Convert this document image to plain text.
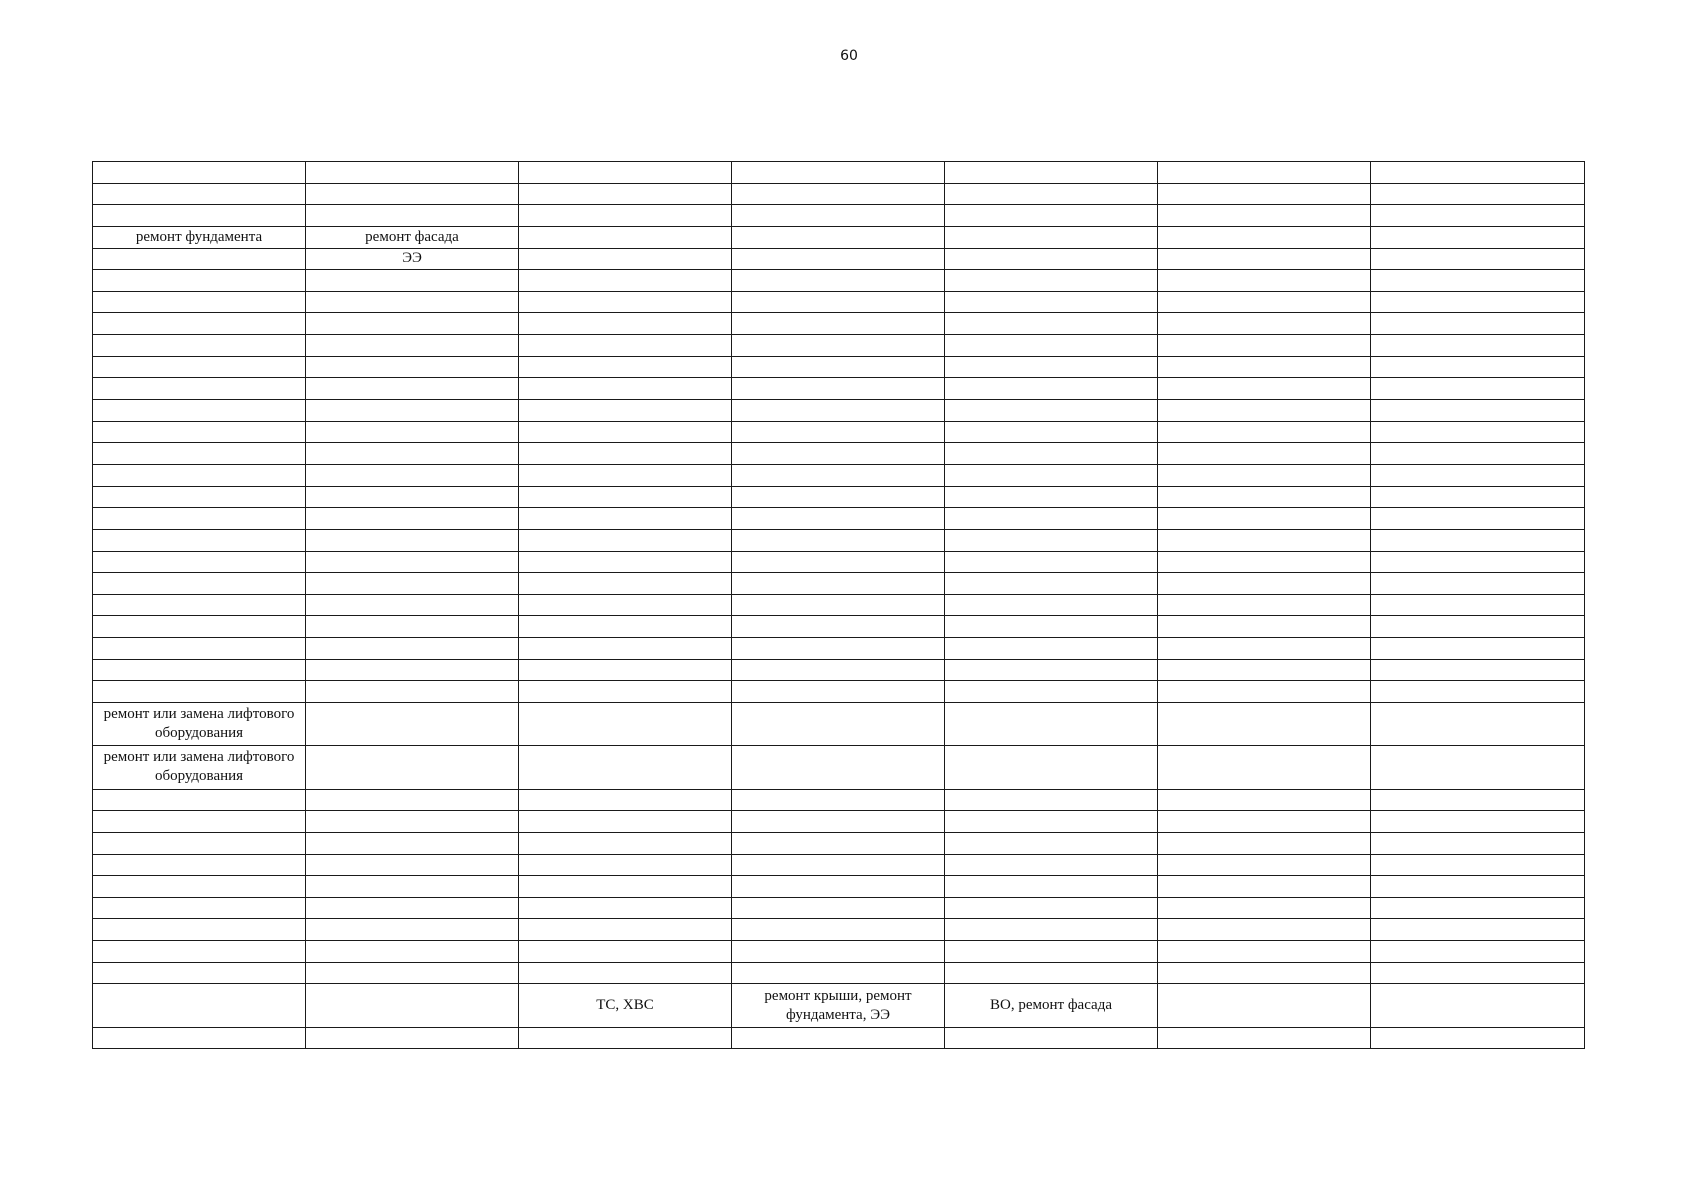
60

ремонт фундамента	ремонт фасада					
	ЭЭ					

ремонт или замена лифтового оборудования						
ремонт или замена лифтового оборудования						

		ТС, ХВС	ремонт крыши, ремонт фундамента, ЭЭ	ВО, ремонт фасада		
